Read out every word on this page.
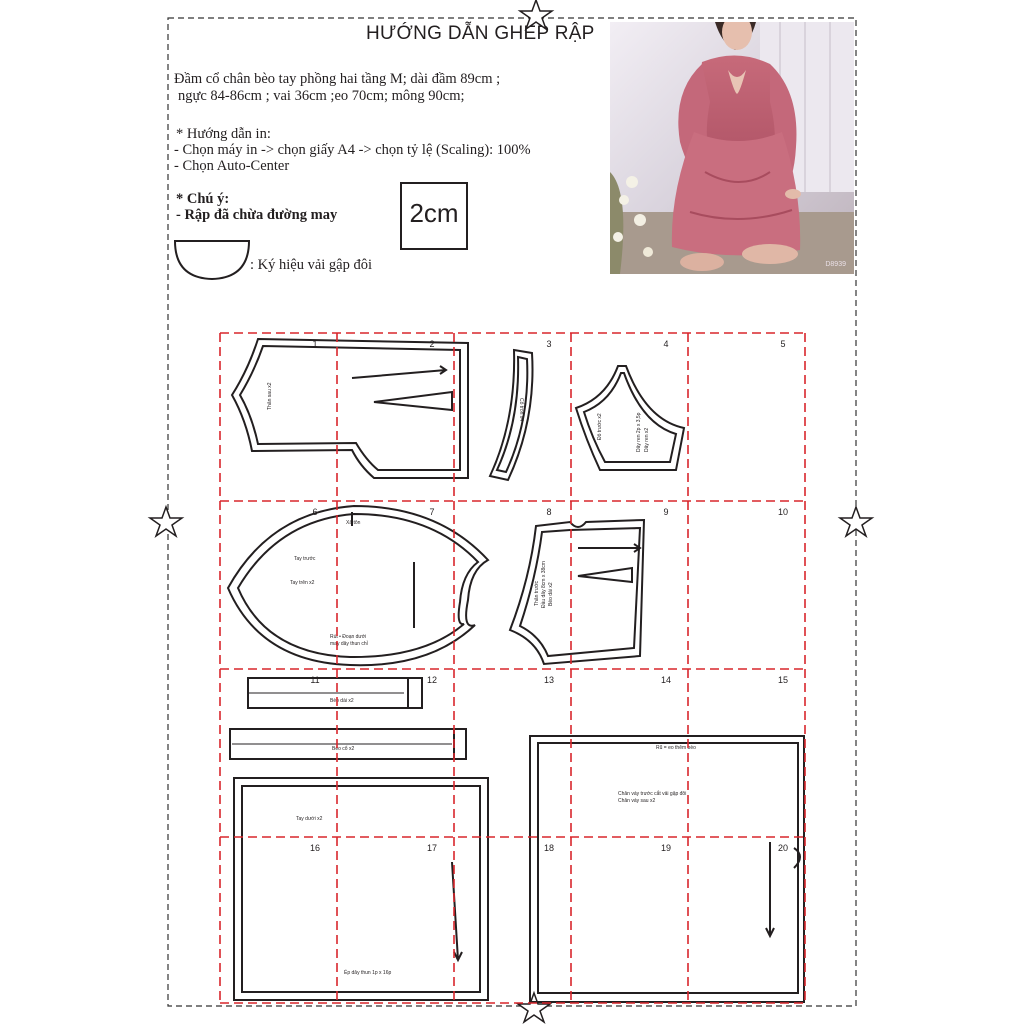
HƯỚNG DẪN GHÉP RẬP
Đầm cổ chân bèo tay phồng hai tầng M; dài đầm 89cm ;
ngực 84-86cm ; vai 36cm ;eo 70cm; mông 90cm;
* Hướng dẫn in:
- Chọn máy in -> chọn giấy A4 -> chọn tỷ lệ (Scaling): 100%
- Chọn Auto-Center
* Chú ý:
- Rập đã chừa đường may	2cm
: Ký hiệu vải gập đôi	D8939
Thân sau x2	Cổ tròn x4
Đô trước x2	Dây ren 2p x 3,5p Dây ren x2
Xả tôn
Tay trước
Tay trên x2
Rút • Đoạn dưới
may dây thun chỉ
Thân trước Đầu dây 8cm x 38cm Bèo dài x2
Bèo dài x2
Bèo cổ x2
Tay dưới x2
Ép dây thun 1p x 16p
Rũ = eo thêm bèo
Chân váy trước cắt vải gập đôi
Chân váy sau x2
1	2	3	4	5
6	7	8	9	10
11	12	13	14	15
16	17	18	19	20
